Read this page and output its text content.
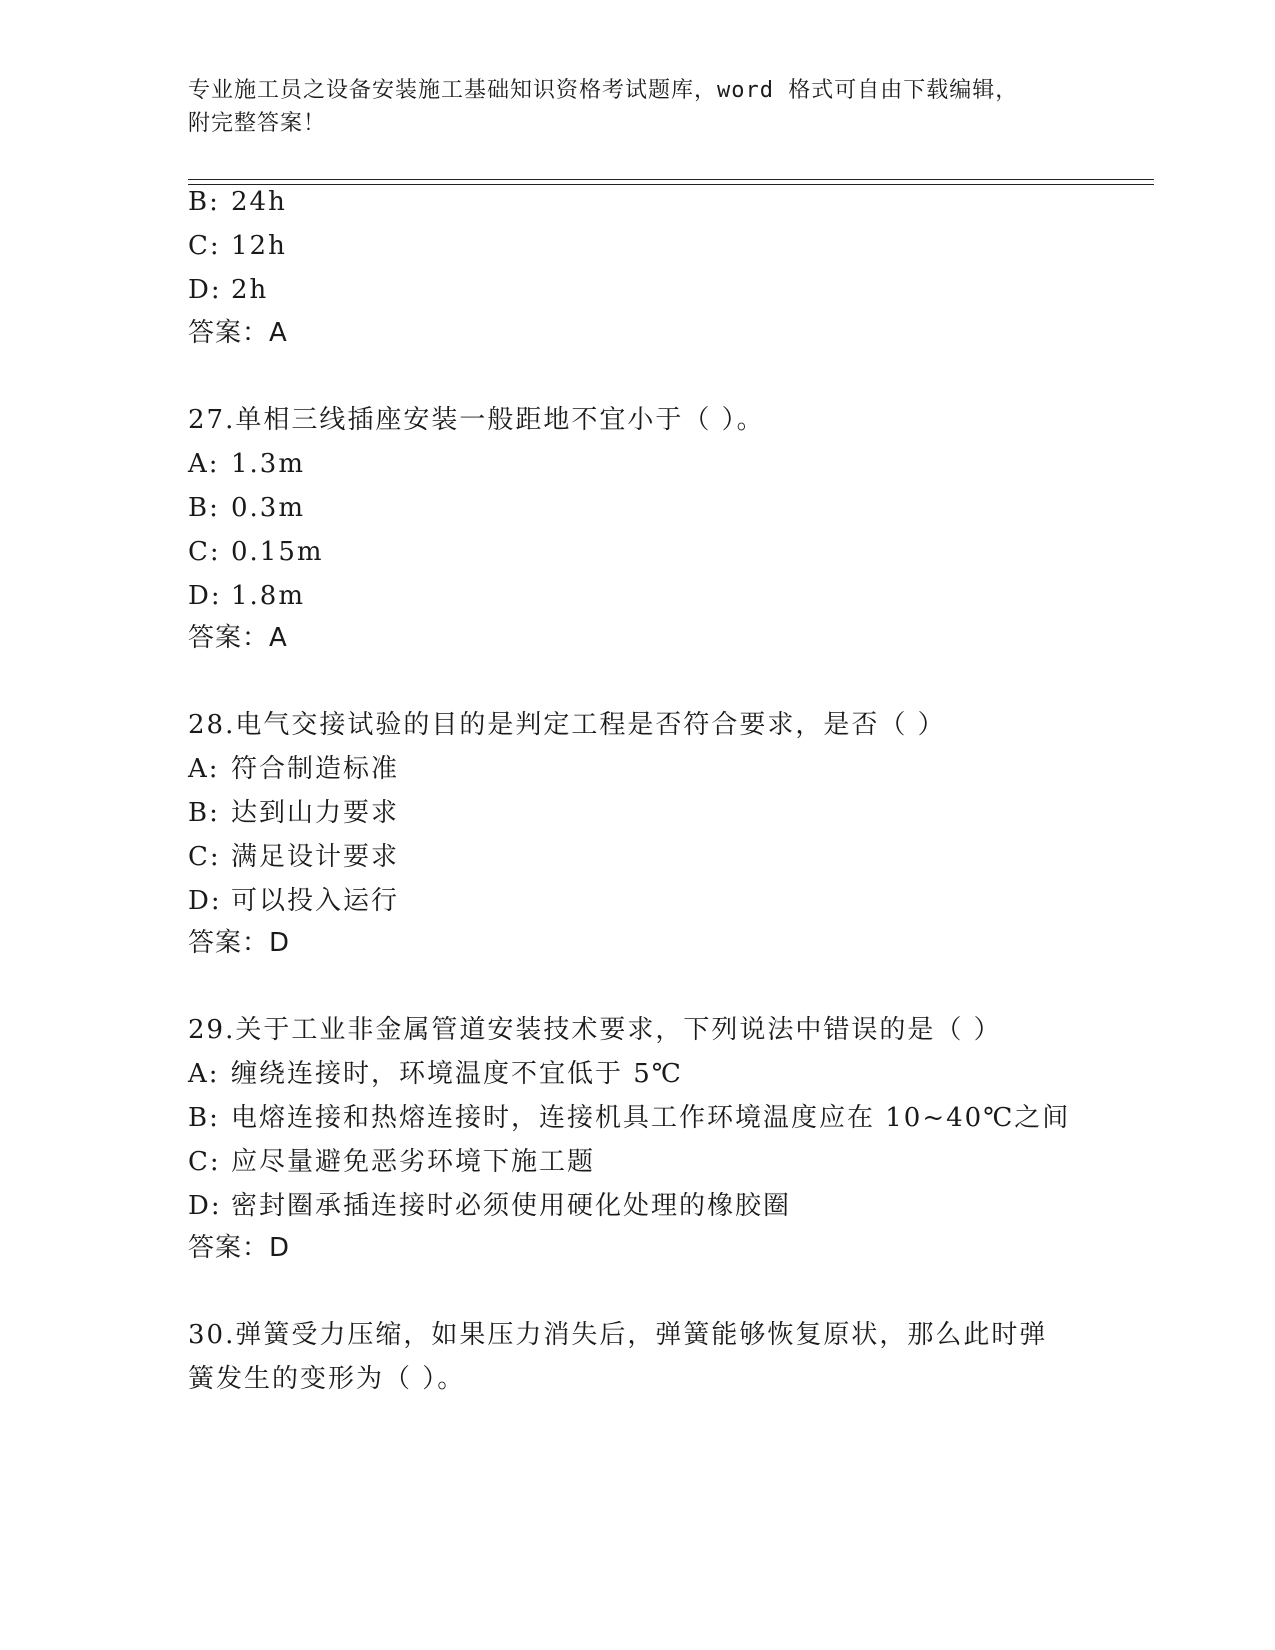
专业施工员之设备安装施工基础知识资格考试题库，word 格式可自由下载编辑，
附完整答案！
B: 24h
C: 12h
D: 2h
答案：A
27.单相三线插座安装一般距地不宜小于（ ）。
A: 1.3m
B: 0.3m
C: 0.15m
D: 1.8m
答案：A
28.电气交接试验的目的是判定工程是否符合要求，是否（ ）
A: 符合制造标准
B: 达到山力要求
C: 满足设计要求
D: 可以投入运行
答案：D
29.关于工业非金属管道安装技术要求，下列说法中错误的是（ ）
A: 缠绕连接时，环境温度不宜低于 5℃
B: 电熔连接和热熔连接时，连接机具工作环境温度应在 10~40℃之间
C: 应尽量避免恶劣环境下施工题
D: 密封圈承插连接时必须使用硬化处理的橡胶圈
答案：D
30.弹簧受力压缩，如果压力消失后，弹簧能够恢复原状，那么此时弹
簧发生的变形为（ ）。
